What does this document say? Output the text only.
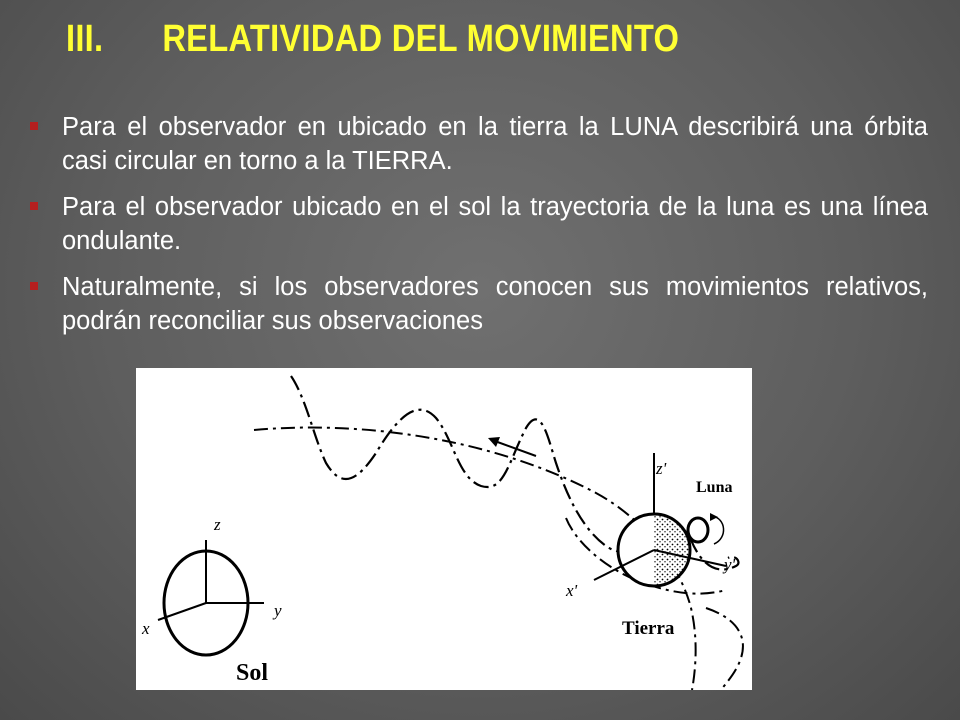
III. RELATIVIDAD DEL MOVIMIENTO
Para el observador en ubicado en la tierra la LUNA describirá una órbita casi circular en torno a la TIERRA.
Para el observador ubicado en el sol la trayectoria de la luna es una línea ondulante.
Naturalmente, si los observadores conocen sus movimientos relativos, podrán reconciliar sus observaciones
z
y
x
Sol
z'
y'
x'
Tierra
Luna
